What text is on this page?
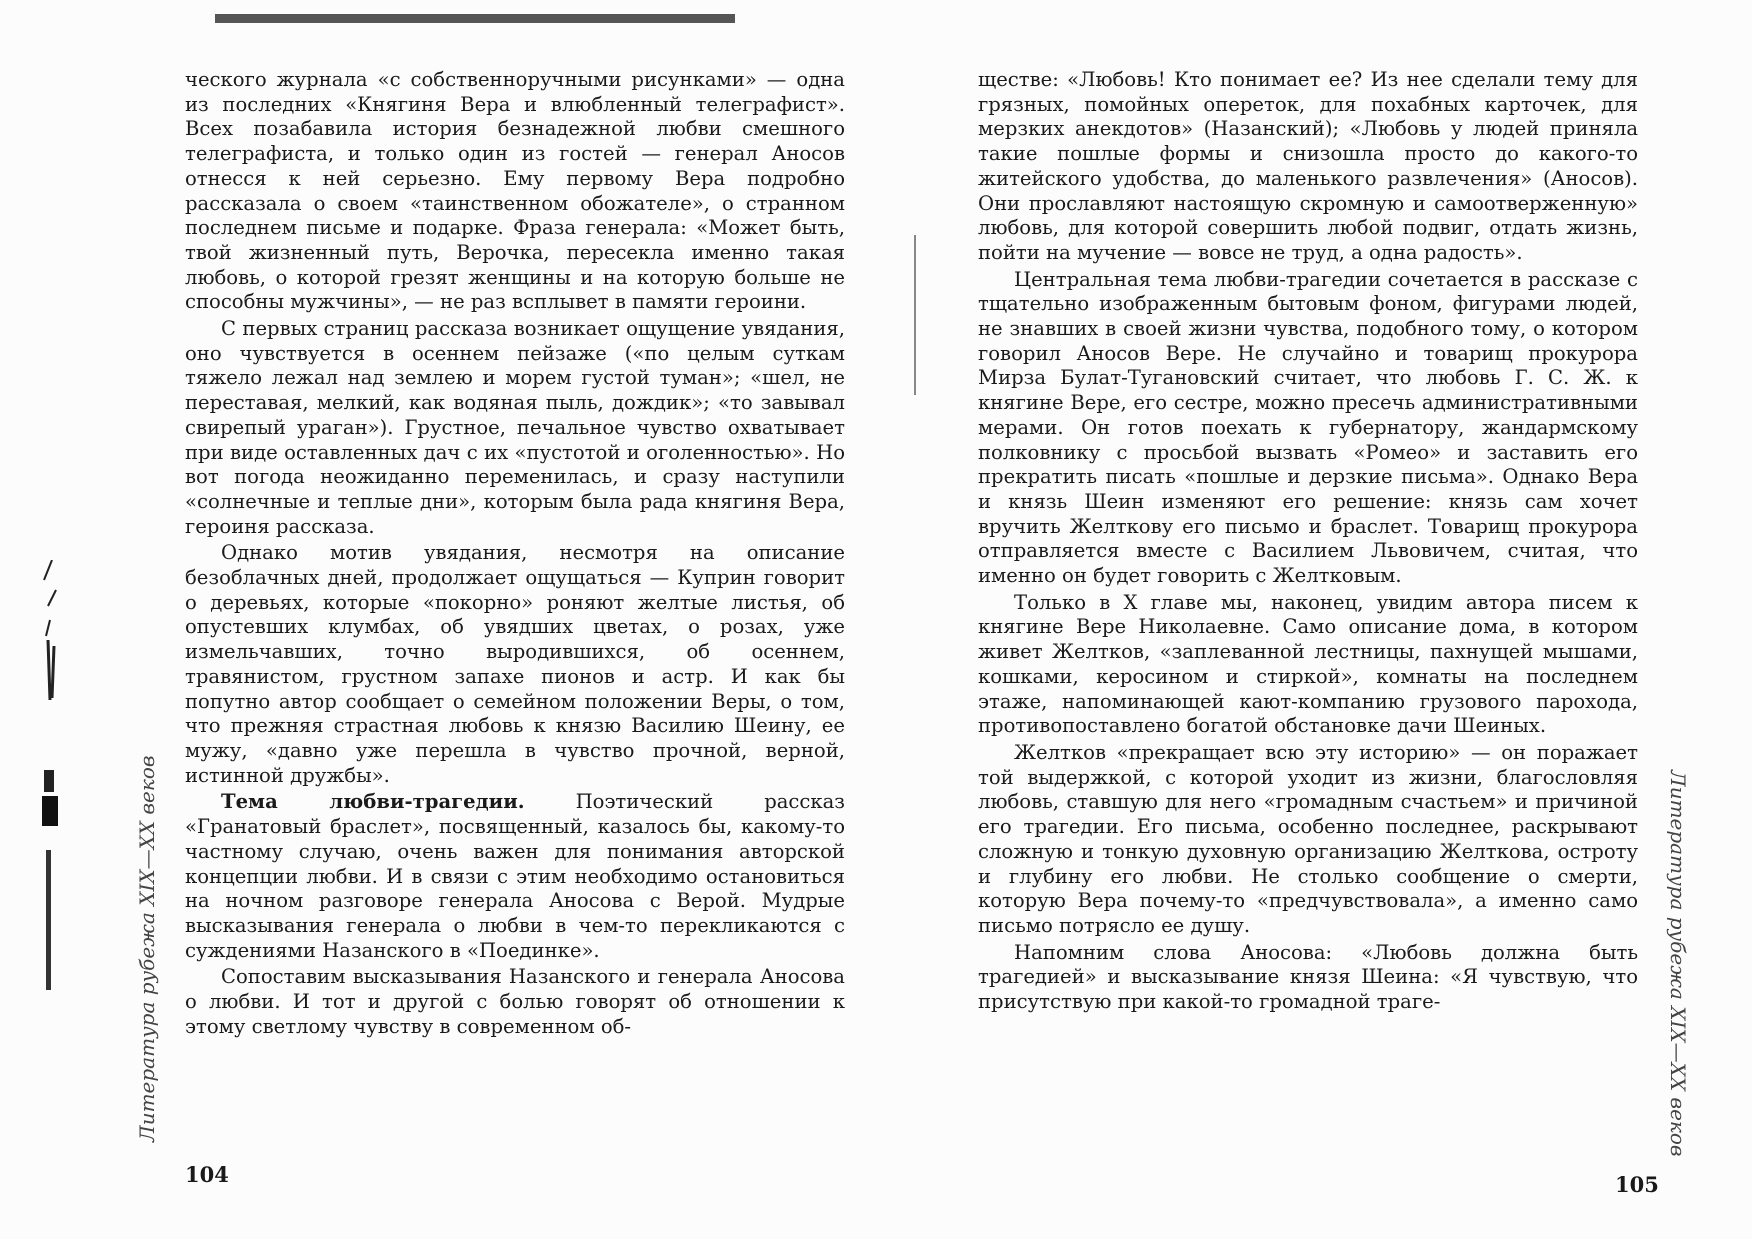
ческого журнала «с собственноручными рисунками» — одна из последних «Княгиня Вера и влюбленный телеграфист». Всех позабавила история безнадежной любви смешного телеграфиста, и только один из гостей — генерал Аносов отнесся к ней серьезно. Ему первому Вера подробно рассказала о своем «таинственном обожателе», о странном последнем письме и подарке. Фраза генерала: «Может быть, твой жизненный путь, Верочка, пересекла именно такая любовь, о которой грезят женщины и на которую больше не способны мужчины», — не раз всплывет в памяти героини.

С первых страниц рассказа возникает ощущение увядания, оно чувствуется в осеннем пейзаже («по целым суткам тяжело лежал над землею и морем густой туман»; «шел, не переставая, мелкий, как водяная пыль, дождик»; «то завывал свирепый ураган»). Грустное, печальное чувство охватывает при виде оставленных дач с их «пустотой и оголенностью». Но вот погода неожиданно переменилась, и сразу наступили «солнечные и теплые дни», которым была рада княгиня Вера, героиня рассказа.

Однако мотив увядания, несмотря на описание безоблачных дней, продолжает ощущаться — Куприн говорит о деревьях, которые «покорно» роняют желтые листья, об опустевших клумбах, об увядших цветах, о розах, уже измельчавших, точно выродившихся, об осеннем, травянистом, грустном запахе пионов и астр. И как бы попутно автор сообщает о семейном положении Веры, о том, что прежняя страстная любовь к князю Василию Шеину, ее мужу, «давно уже перешла в чувство прочной, верной, истинной дружбы».

Тема любви-трагедии.	Поэтический рассказ «Гранатовый браслет», посвященный, казалось бы, какому-то частному случаю, очень важен для понимания авторской концепции любви. И в связи с этим необходимо остановиться на ночном разговоре генерала Аносова с Верой. Мудрые высказывания генерала о любви в чем-то перекликаются с суждениями Назанского в «Поединке».

Сопоставим высказывания Назанского и генерала Аносова о любви. И тот и другой с болью говорят об отношении к этому светлому чувству в современном об-

ществе: «Любовь! Кто понимает ее? Из нее сделали тему для грязных, помойных оперeток, для похабных карточек, для мерзких анекдотов» (Назанский); «Любовь у людей приняла такие пошлые формы и снизошла просто до какого-то житейского удобства, до маленького развлечения» (Аносов). Они прославляют настоящую скромную и самоотверженную» любовь, для которой совершить любой подвиг, отдать жизнь, пойти на мучение — вовсе не труд, а одна радость».

Центральная тема любви-трагедии сочетается в рассказе с тщательно изображенным бытовым фоном, фигурами людей, не знавших в своей жизни чувства, подобного тому, о котором говорил Аносов Вере. Не случайно и товарищ прокурора Мирза Булат-Тугановский считает, что любовь Г. С. Ж. к княгине Вере, его сестре, можно пресечь административными мерами. Он готов поехать к губернатору, жандармскому полковнику с просьбой вызвать «Ромео» и заставить его прекратить писать «пошлые и дерзкие письма». Однако Вера и князь Шеин изменяют его решение: князь сам хочет вручить Желткову его письмо и браслет. Товарищ прокурора отправляется вместе с Василием Львовичем, считая, что именно он будет говорить с Желтковым.

Только в X главе мы, наконец, увидим автора писем к княгине Вере Николаевне. Само описание дома, в котором живет Желтков, «заплеванной лестницы, пахнущей мышами, кошками, керосином и стиркой», комнаты на последнем этаже, напоминающей кают-компанию грузового парохода, противопоставлено богатой обстановке дачи Шеиных.

Желтков «прекращает всю эту историю» — он поражает той выдержкой, с которой уходит из жизни, благословляя любовь, ставшую для него «громадным счастьем» и причиной его трагедии. Его письма, особенно последнее, раскрывают сложную и тонкую духовную организацию Желткова, остроту и глубину его любви. Не столько сообщение о смерти, которую Вера почему-то «предчувствовала», а именно само письмо потрясло ее душу.

Напомним слова Аносова: «Любовь должна быть трагедией» и высказывание князя Шеина: «Я чувствую, что присутствую при какой-то громадной траге-

Литература рубежа XIX—XX веков	Литература рубежа XIX—XX веков
104	105
